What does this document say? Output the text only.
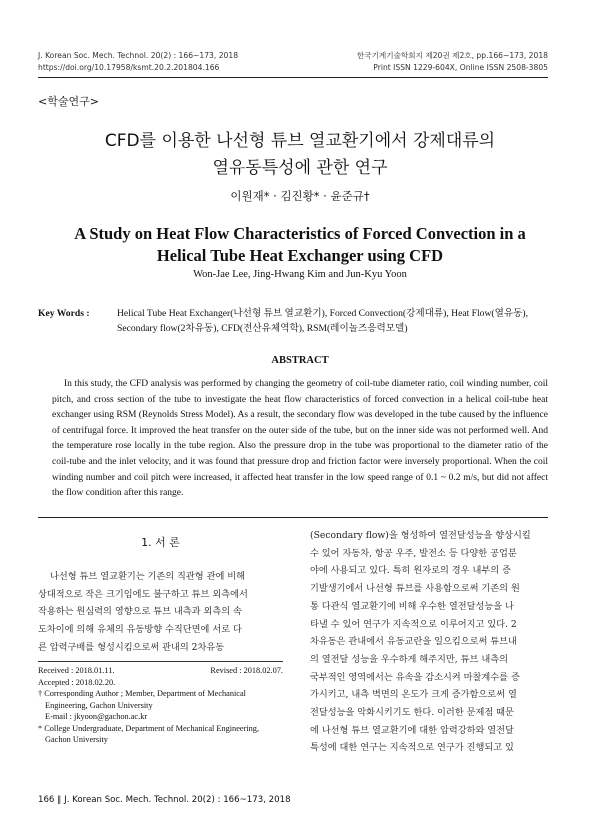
J. Korean Soc. Mech. Technol. 20(2) : 166~173, 2018
https://doi.org/10.17958/ksmt.20.2.201804.166
한국기계기술학회지 제20권 제2호, pp.166~173, 2018
Print ISSN 1229-604X, Online ISSN 2508-3805
<학술연구>
CFD를 이용한 나선형 튜브 열교환기에서 강제대류의
열유동특성에 관한 연구
이원재* · 김진황* · 윤준규†
A Study on Heat Flow Characteristics of Forced Convection in a
Helical Tube Heat Exchanger using CFD
Won-Jae Lee, Jing-Hwang Kim and Jun-Kyu Yoon
Key Words :	Helical Tube Heat Exchanger(나선형 튜브 열교환기), Forced Convection(강제대류), Heat Flow(열유동),
Secondary flow(2차유동), CFD(전산유체역학), RSM(레이놀즈응력모델)
ABSTRACT
In this study, the CFD analysis was performed by changing the geometry of coil-tube diameter ratio, coil winding number, coil pitch, and cross section of the tube to investigate the heat flow characteristics of forced convection in a helical coil-tube heat exchanger using RSM (Reynolds Stress Model). As a result, the secondary flow was developed in the tube caused by the influence of centrifugal force. It improved the heat transfer on the outer side of the tube, but on the inner side was not performed well. And the temperature rose locally in the tube region. Also the pressure drop in the tube was proportional to the diameter ratio of the coil-tube and the inlet velocity, and it was found that pressure drop and friction factor were inversely proportional. When the coil winding number and coil pitch were increased, it affected heat transfer in the low speed range of 0.1 ~ 0.2 m/s, but did not affect the flow condition after this range.
1. 서 론
나선형 튜브 열교환기는 기존의 직관형 관에 비해
상대적으로 작은 크기임에도 불구하고 튜브 외측에서
작용하는 원심력의 영향으로 튜브 내측과 외측의 속
도차이에 의해 유체의 유동방향 수직단면에 서로 다
른 압력구배를 형성시킴으로써 관내의 2차유동
Received : 2018.01.11.	Revised : 2018.02.07.
Accepted : 2018.02.20.
† Corresponding Author ; Member, Department of Mechanical
Engineering, Gachon University
E-mail : jkyoon@gachon.ac.kr
* College Undergraduate, Department of Mechanical Engineering,
Gachon University
(Secondary flow)을 형성하여 열전달성능을 향상시킬
수 있어 자동차, 항공 우주, 발전소 등 다양한 공업분
야에 사용되고 있다. 특히 원자로의 경우 내부의 증
기발생기에서 나선형 튜브를 사용함으로써 기존의 원
통 다관식 열교환기에 비해 우수한 열전달성능을 나
타낼 수 있어 연구가 지속적으로 이루어지고 있다. 2
차유동은 관내에서 유동교란을 일으킴으로써 튜브내
의 열전달 성능을 우수하게 해주지만, 튜브 내측의
국부적인 영역에서는 유속을 감소시켜 마찰계수를 증
가시키고, 내측 벽면의 온도가 크게 증가함으로써 열
전달성능을 악화시키기도 한다. 이러한 문제점 때문
에 나선형 튜브 열교환기에 대한 압력강하와 열전달
특성에 대한 연구는 지속적으로 연구가 진행되고 있
166 ∥ J. Korean Soc. Mech. Technol. 20(2) : 166~173, 2018
